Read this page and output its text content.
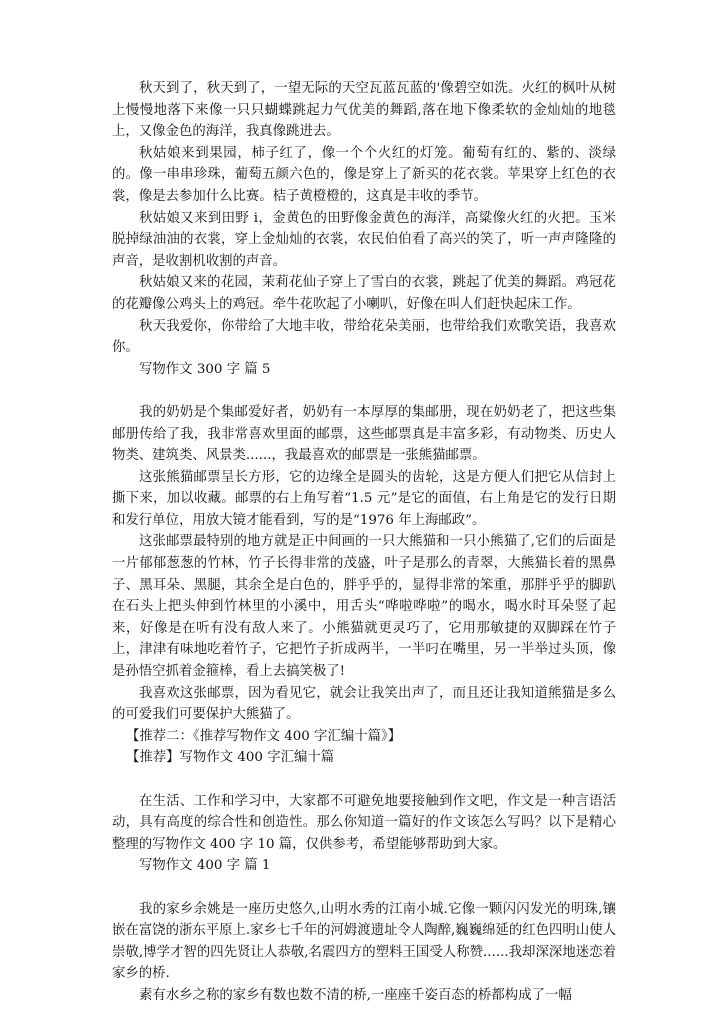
秋天到了，秋天到了，一望无际的天空瓦蓝瓦蓝的'像碧空如洗。火红的枫叶从树上慢慢地落下来像一只只蝴蝶跳起力气优美的舞蹈,落在地下像柔软的金灿灿的地毯上，又像金色的海洋，我真像跳进去。

秋姑娘来到果园，柿子红了，像一个个火红的灯笼。葡萄有红的、紫的、淡绿的。像一串串珍珠，葡萄五颜六色的，像是穿上了新买的花衣裳。苹果穿上红色的衣裳，像是去参加什么比赛。桔子黄橙橙的，这真是丰收的季节。

秋姑娘又来到田野 i，金黄色的田野像金黄色的海洋，高粱像火红的火把。玉米脱掉绿油油的衣裳，穿上金灿灿的衣裳，农民伯伯看了高兴的笑了，听一声声隆隆的声音，是收割机收割的声音。

秋姑娘又来的花园，茉莉花仙子穿上了雪白的衣裳，跳起了优美的舞蹈。鸡冠花的花瓣像公鸡头上的鸡冠。牵牛花吹起了小喇叭，好像在叫人们赶快起床工作。

秋天我爱你，你带给了大地丰收，带给花朵美丽，也带给我们欢歌笑语，我喜欢你。

写物作文 300 字 篇 5

我的奶奶是个集邮爱好者，奶奶有一本厚厚的集邮册，现在奶奶老了，把这些集邮册传给了我，我非常喜欢里面的邮票，这些邮票真是丰富多彩，有动物类、历史人物类、建筑类、风景类......，我最喜欢的邮票是一张熊猫邮票。

这张熊猫邮票呈长方形，它的边缘全是圆头的齿轮，这是方便人们把它从信封上撕下来，加以收藏。邮票的右上角写着“1.5 元”是它的面值，右上角是它的发行日期和发行单位，用放大镜才能看到，写的是“1976 年上海邮政”。

这张邮票最特别的地方就是正中间画的一只大熊猫和一只小熊猫了,它们的后面是一片郁郁葱葱的竹林，竹子长得非常的茂盛，叶子是那么的青翠，大熊猫长着的黑鼻子、黑耳朵、黑腿，其余全是白色的，胖乎乎的，显得非常的笨重，那胖乎乎的脚趴在石头上把头伸到竹林里的小溪中，用舌头“哗啦哗啦”的喝水，喝水时耳朵竖了起来，好像是在听有没有敌人来了。小熊猫就更灵巧了，它用那敏捷的双脚踩在竹子上，津津有味地吃着竹子，它把竹子折成两半，一半叼在嘴里，另一半举过头顶，像是孙悟空抓着金箍棒，看上去搞笑极了!

我喜欢这张邮票，因为看见它，就会让我笑出声了，而且还让我知道熊猫是多么的可爱我们可要保护大熊猫了。

【推荐二：《推荐写物作文 400 字汇编十篇》】

【推荐】写物作文 400 字汇编十篇

在生活、工作和学习中，大家都不可避免地要接触到作文吧，作文是一种言语活动，具有高度的综合性和创造性。那么你知道一篇好的作文该怎么写吗？以下是精心整理的写物作文 400 字 10 篇，仅供参考，希望能够帮助到大家。

写物作文 400 字 篇 1

我的家乡余姚是一座历史悠久,山明水秀的江南小城.它像一颗闪闪发光的明珠,镶嵌在富饶的浙东平原上.家乡七千年的河姆渡遗址令人陶醉,巍巍绵延的红色四明山使人崇敬,博学才智的四先贤让人恭敬,名震四方的塑料王国受人称赞......我却深深地迷恋着家乡的桥.

素有水乡之称的家乡有数也数不清的桥,一座座千姿百态的桥都构成了一幅
